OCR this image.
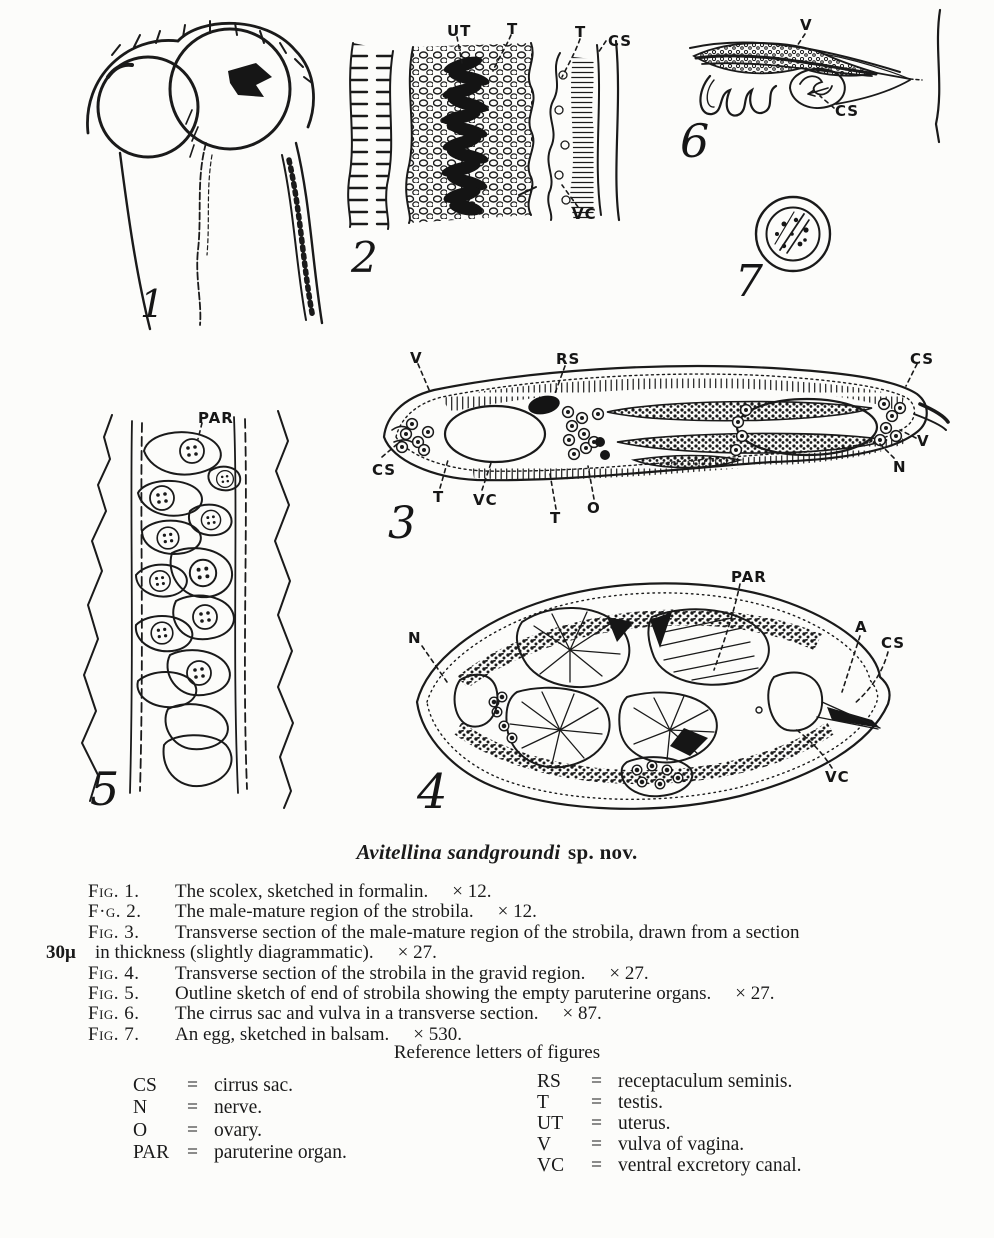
1
UT T	T CS
VC
2
V
CS
6
7
V	RS	CS
CS
T VC
T
O
V
N
3
PAR
5
PAR
N
A
CS
VC
4
Avitellina sandgroundi sp. nov.
Fig. 1. The scolex, sketched in formalin. × 12.
F·g. 2. The male-mature region of the strobila. × 12.
Fig. 3. Transverse section of the male-mature region of the strobila, drawn from a section
30μ in thickness (slightly diagrammatic). × 27.
Fig. 4. Transverse section of the strobila in the gravid region. × 27.
Fig. 5. Outline sketch of end of strobila showing the empty paruterine organs. × 27.
Fig. 6. The cirrus sac and vulva in a transverse section. × 87.
Fig. 7. An egg, sketched in balsam. × 530.
Reference letters of figures
CS = cirrus sac.
N = nerve.
O = ovary.
PAR = paruterine organ.
RS = receptaculum seminis.
T = testis.
UT = uterus.
V = vulva of vagina.
VC = ventral excretory canal.
